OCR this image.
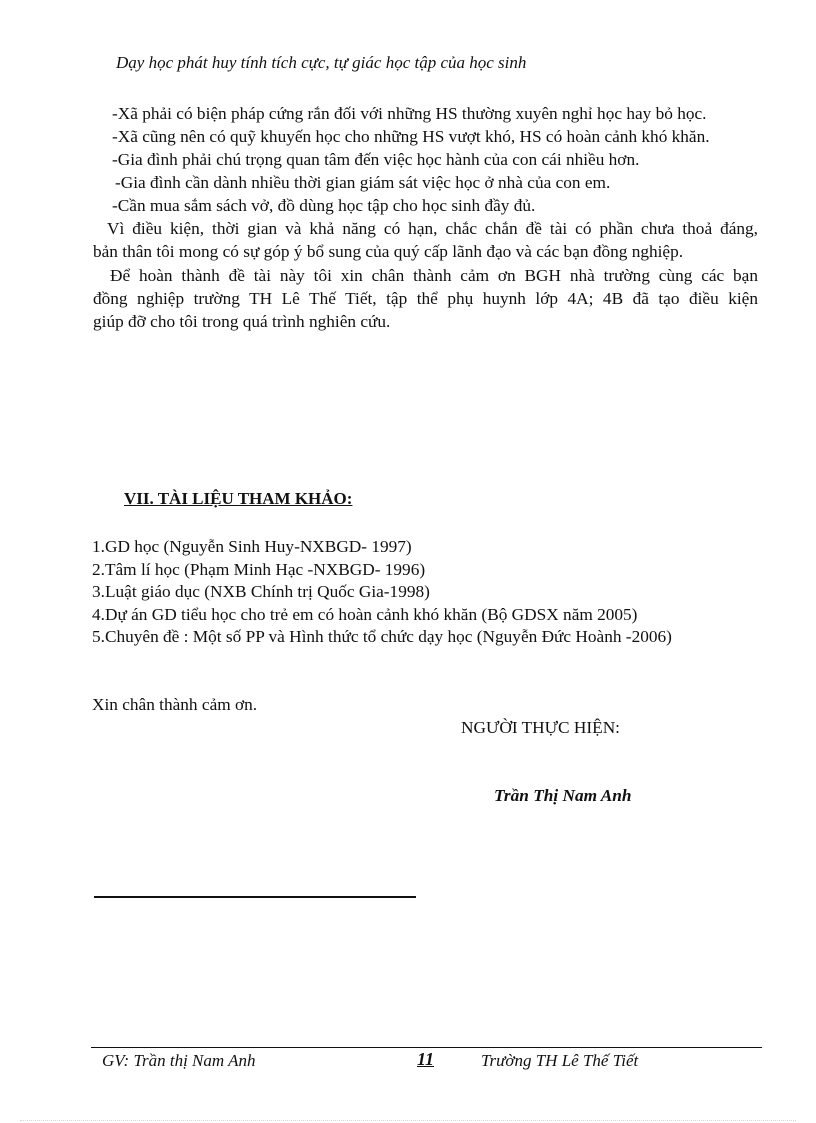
Dạy học phát huy tính tích cực, tự giác học tập của học sinh
-Xã phải có biện pháp cứng rắn đối với những HS thường xuyên nghỉ học hay bỏ học.
-Xã cũng nên có quỹ khuyến học cho những HS vượt khó, HS có hoàn cảnh khó khăn.
-Gia đình phải chú trọng quan tâm đến việc học hành của con cái nhiều hơn.
-Gia đình cần dành nhiều thời gian giám sát việc học ở nhà của con em.
-Cần mua sắm sách vở, đồ dùng học tập cho học sinh đầy đủ.
Vì điều kiện, thời gian và khả năng có hạn, chắc chắn đề tài có phần chưa thoả đáng,
bản thân tôi mong có sự góp ý bổ sung của quý cấp lãnh đạo và các bạn đồng nghiệp.
Để hoàn thành đề tài này tôi xin chân thành cảm ơn BGH nhà trường cùng các bạn
đồng nghiệp trường TH Lê Thế Tiết, tập thể phụ huynh lớp 4A; 4B đã tạo điều kiện
giúp đỡ cho tôi trong quá trình nghiên cứu.
VII. TÀI LIỆU THAM KHẢO:
1.GD học (Nguyễn Sinh Huy-NXBGD- 1997)
2.Tâm lí học (Phạm Minh Hạc -NXBGD- 1996)
3.Luật giáo dục (NXB Chính trị Quốc Gia-1998)
4.Dự án GD tiểu học cho trẻ em có hoàn cảnh khó khăn (Bộ GDSX năm 2005)
5.Chuyên đề : Một số PP và Hình thức tổ chức dạy học (Nguyễn Đức Hoành -2006)
Xin chân thành cảm ơn.
NGƯỜI THỰC HIỆN:
Trần Thị Nam Anh
GV: Trần thị Nam Anh	11	Trường TH Lê Thế Tiết
